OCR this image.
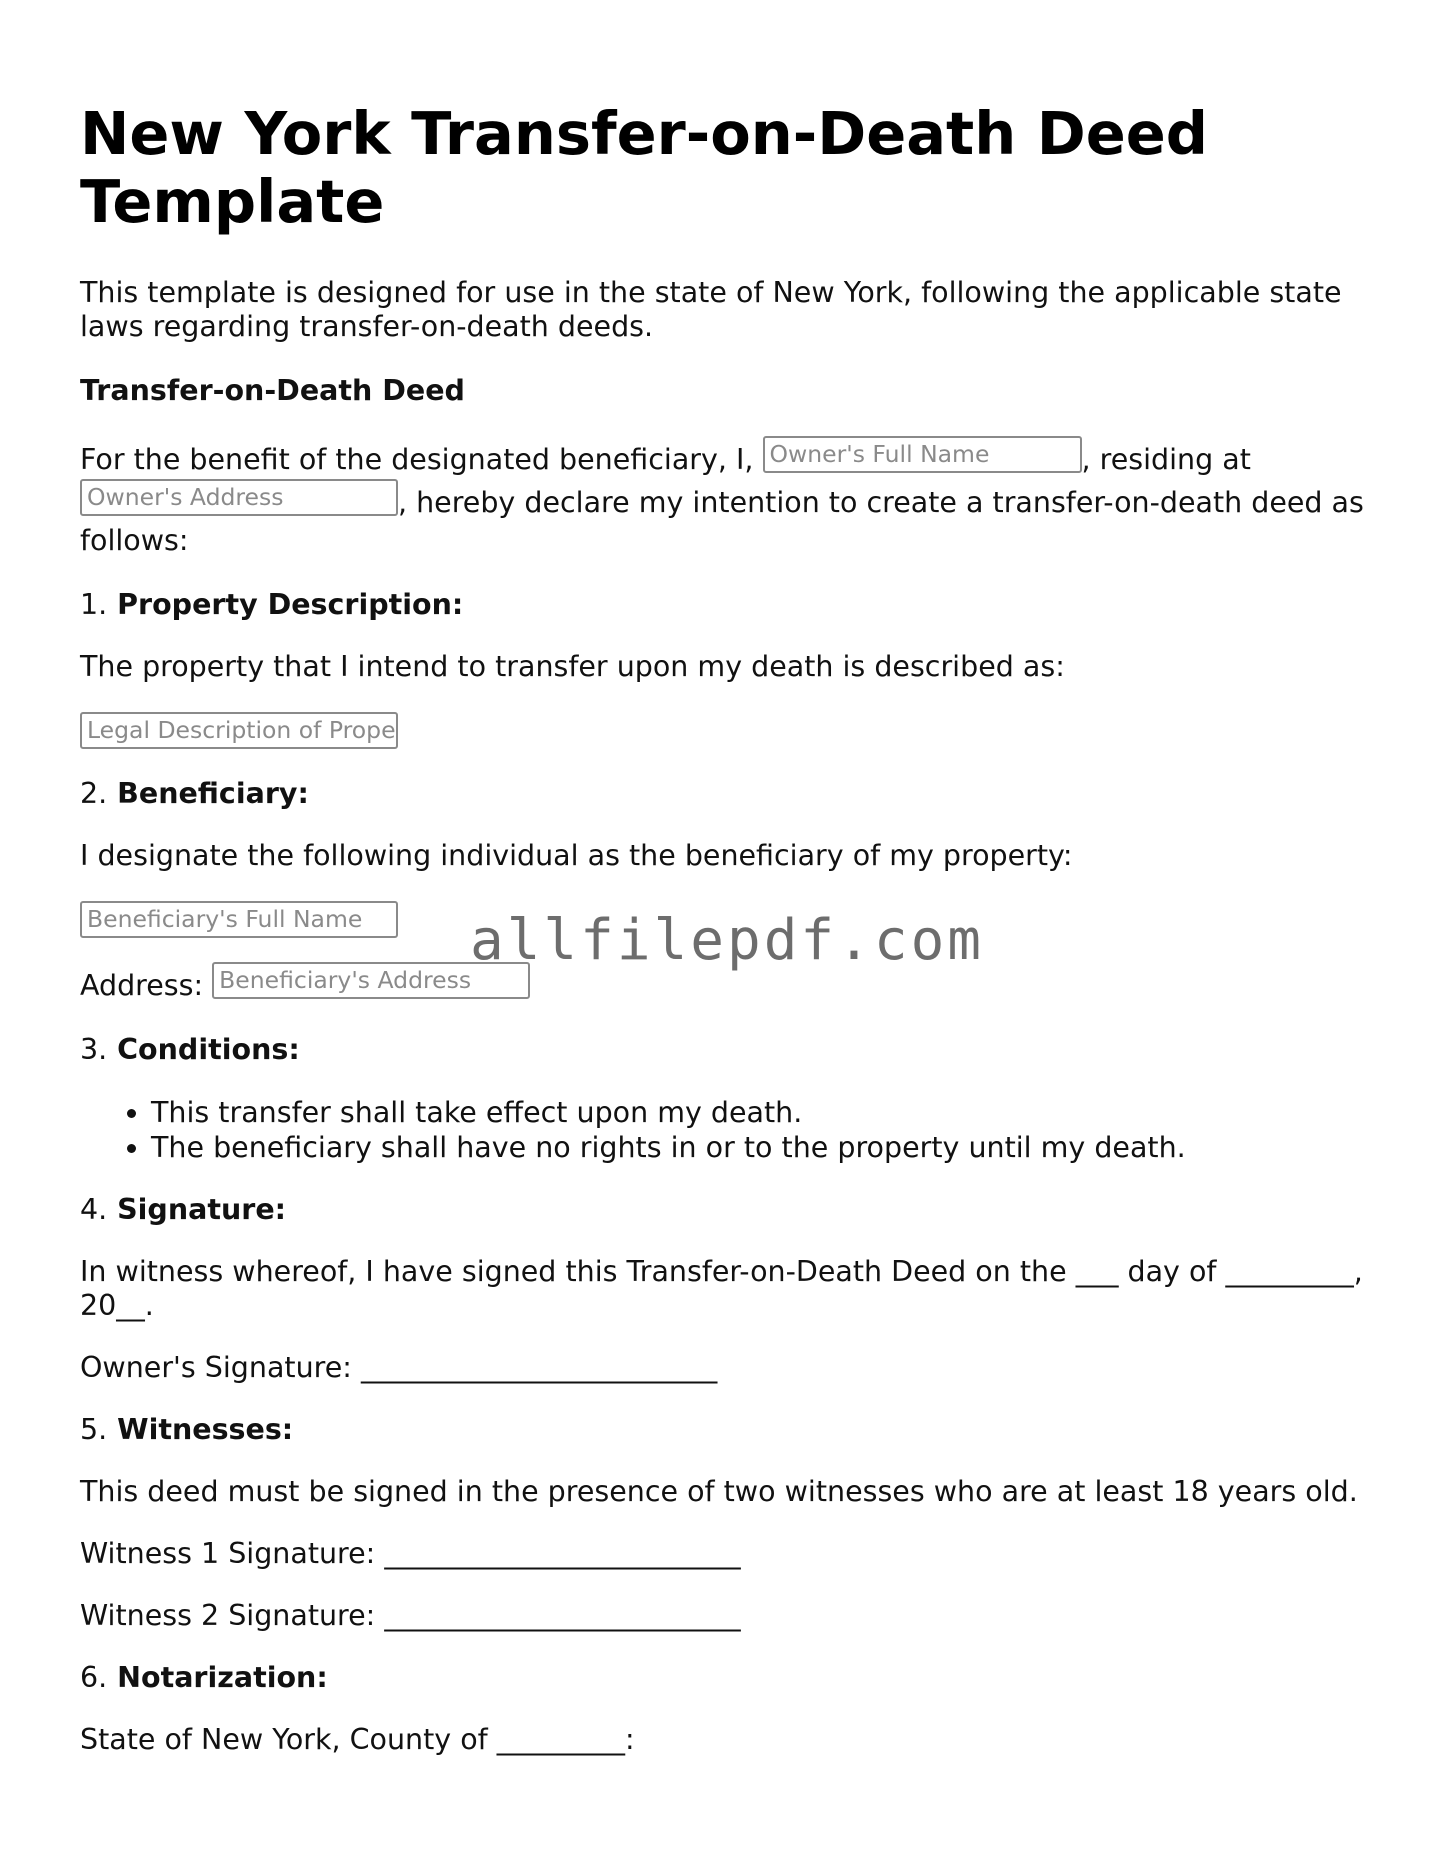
New York Transfer-on-Death Deed Template

This template is designed for use in the state of New York, following the applicable state laws regarding transfer-on-death deeds.

Transfer-on-Death Deed

For the benefit of the designated beneficiary, I, Owner's Full Name	, residing at
Owner's Address	, hereby declare my intention to create a transfer-on-death deed as follows:

1. Property Description:

The property that I intend to transfer upon my death is described as:

Legal Description of Prope

2. Beneficiary:

I designate the following individual as the beneficiary of my property:

Beneficiary's Full Name

Address: Beneficiary's Address

3. Conditions:

• This transfer shall take effect upon my death.
• The beneficiary shall have no rights in or to the property until my death.

4. Signature:

In witness whereof, I have signed this Transfer-on-Death Deed on the ___ day of _________, 20__.

Owner's Signature: _________________________

5. Witnesses:

This deed must be signed in the presence of two witnesses who are at least 18 years old.

Witness 1 Signature: _________________________

Witness 2 Signature: _________________________

6. Notarization:

State of New York, County of _________:

allfilepdf.com
